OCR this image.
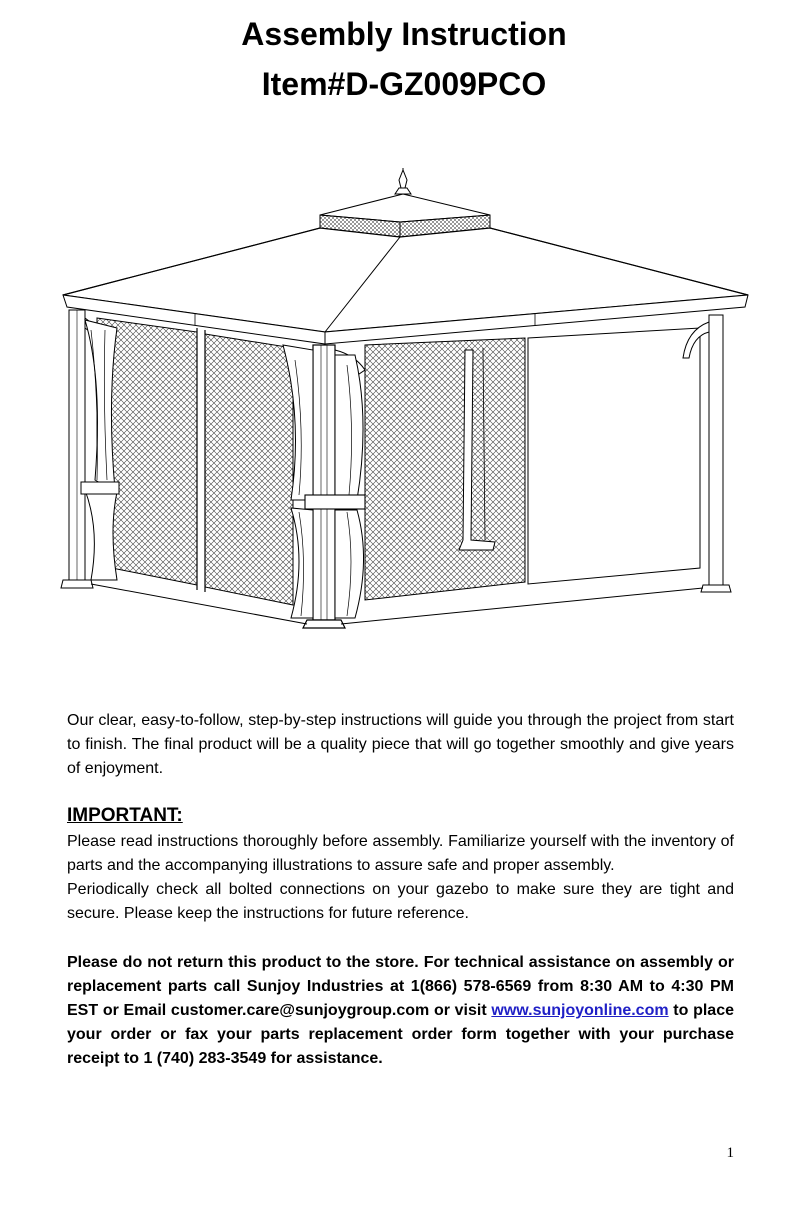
Assembly Instruction
Item#D-GZ009PCO

Our clear, easy-to-follow, step-by-step instructions will guide you through the project from start to finish. The final product will be a quality piece that will go together smoothly and give years of enjoyment.

IMPORTANT:

Please read instructions thoroughly before assembly. Familiarize yourself with the inventory of parts and the accompanying illustrations to assure safe and proper assembly.

Periodically check all bolted connections on your gazebo to make sure they are tight and secure. Please keep the instructions for future reference.

Please do not return this product to the store. For technical assistance on assembly or replacement parts call Sunjoy Industries at 1(866) 578-6569 from 8:30 AM to 4:30 PM EST or Email customer.care@sunjoygroup.com or visit www.sunjoyonline.com to place your order or fax your parts replacement order form together with your purchase receipt to 1 (740) 283-3549 for assistance.

1
